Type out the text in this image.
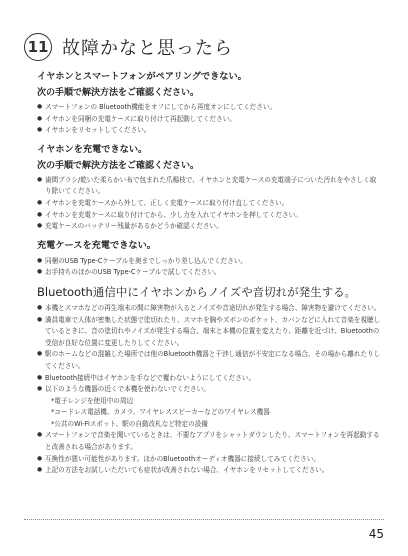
11 故障かなと思ったら
イヤホンとスマートフォンがペアリングできない。
次の手順で解決方法をご確認ください。
● スマートフォンの Bluetooth機能をオフにしてから再度オンにしてください。
● イヤホンを同梱の充電ケースに取り付けて再起動してください。
● イヤホンをリセットしてください。
イヤホンを充電できない。
次の手順で解決方法をご確認ください。
● 歯間ブラシ/乾いた柔らかい布で包まれた爪楊枝で、イヤホンと充電ケースの充電端子についた汚れをやさしく取り除いてください。
● イヤホンを充電ケースから外して、正しく充電ケースに取り付け直してください。
● イヤホンを充電ケースに取り付けてから、少し力を入れてイヤホンを押してください。
● 充電ケースのバッテリー残量があるかどうか確認ください。
充電ケースを充電できない。
● 同梱のUSB Type-Cケーブルを奥までしっかり差し込んでください。
● お手持ちのほかのUSB Type-Cケーブルで試してください。
Bluetooth通信中にイヤホンからノイズや音切れが発生する。
● 本機とスマホなどの再生端末の間に障害物が入るとノイズや音途切れが発生する場合、障害物を避けてください。
● 満員電車で人体が密集した状態で塗切れたり、スマホを胸やズボンのポケット、カバンなどに入れて音楽を視聴しているときに、音の塗切れやノイズが発生する場合、端末と本機の位置を変えたり、距離を近づけ、Bluetoothの受信が良好な位置に変更したりしてください。
● 駅のホームなどの混雑した場所では他のBluetooth機器と干渉し通信が不安定になる場合、その場から離れたりしてください。
● Bluetooth接続中はイヤホンを手などで覆わないようにしてください。
● 以下のような機器の近くで本機を使わないでください。
*電子レンジを使用中の周辺
*コードレス電話機、カメラ、ワイヤレススピーカーなどのワイヤレス機器
*公共のWi-Fiスポット、駅の自動改札など特定の設備
● スマートフォンで音楽を聞いているときは、不要なアプリをシャットダウンしたり、スマートフォンを再起動すると改善される場合があります。
● 互換性が悪い可能性があります。ほかのBluetoothオーディオ機器に接続してみてください。
● 上記の方法をお試しいただいても症状が改善されない場合、イヤホンをリセットしてください。
45
